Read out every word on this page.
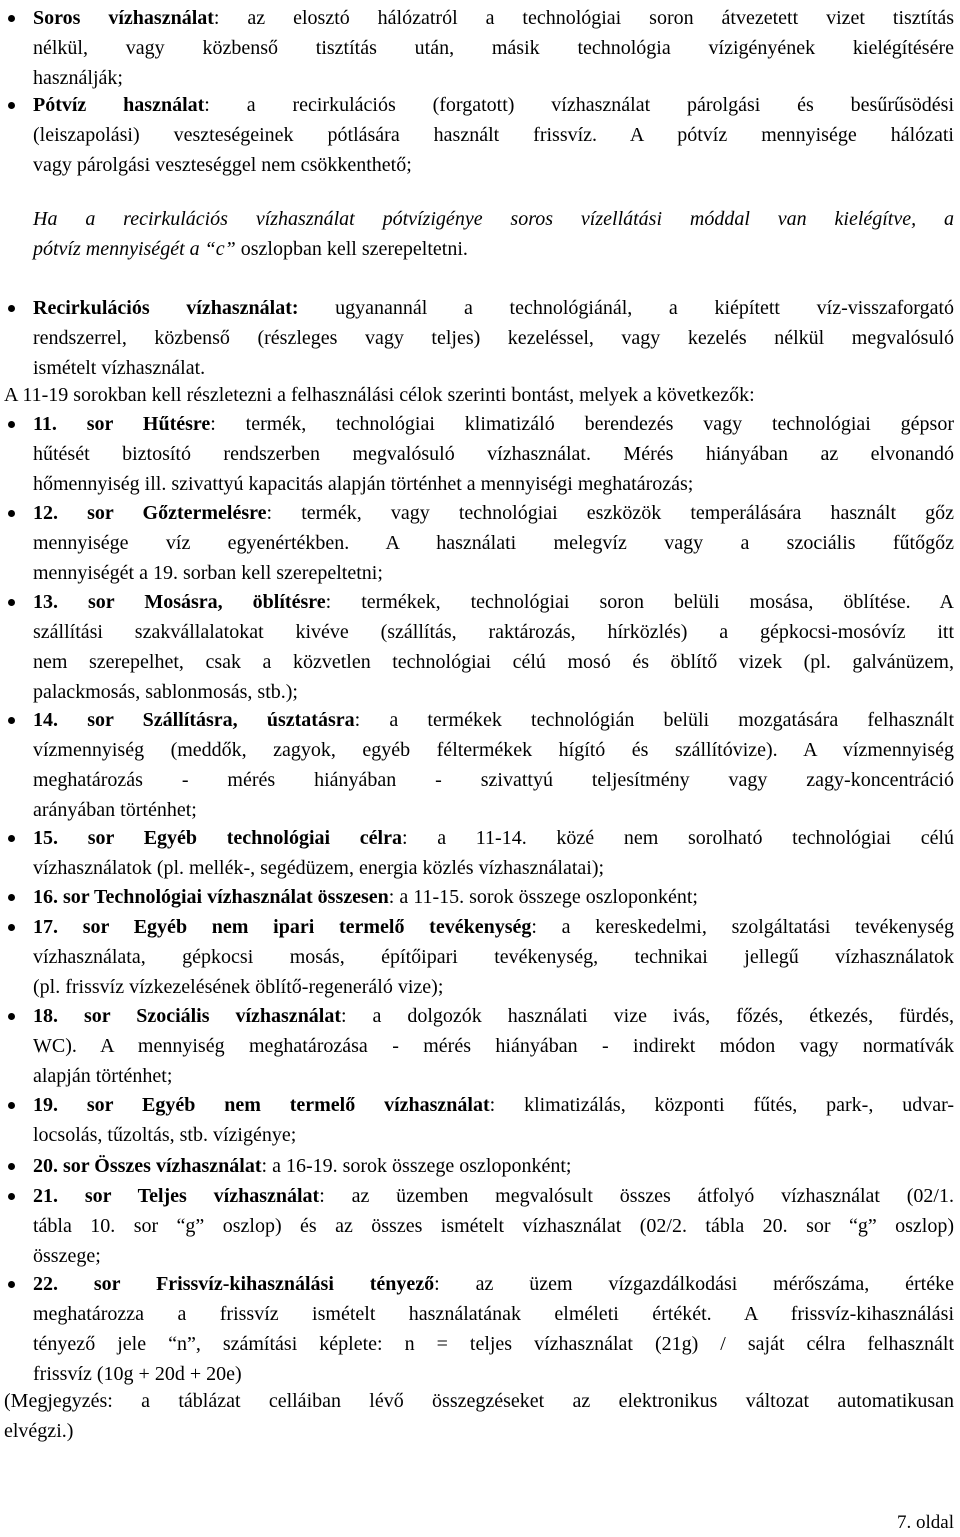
7. oldal
Soros vízhasználat: az elosztó hálózatról a technológiai soron átvezetett vizet tisztítás
nélkül, vagy közbenső tisztítás után, másik technológia vízigényének kielégítésére
használják;
Pótvíz használat: a recirkulációs (forgatott) vízhasználat párolgási és besűrűsödési
(leiszapolási) veszteségeinek pótlására használt frissvíz. A pótvíz mennyisége hálózati
vagy párolgási veszteséggel nem csökkenthető;
Ha a recirkulációs vízhasználat pótvízigénye soros vízellátási móddal van kielégítve, a
pótvíz mennyiségét a “c” oszlopban kell szerepeltetni.
Recirkulációs vízhasználat: ugyanannál a technológiánál, a kiépített víz-visszaforgató
rendszerrel, közbenső (részleges vagy teljes) kezeléssel, vagy kezelés nélkül megvalósuló
ismételt vízhasználat.
A 11-19 sorokban kell részletezni a felhasználási célok szerinti bontást, melyek a következők:
11. sor Hűtésre: termék, technológiai klimatizáló berendezés vagy technológiai gépsor
hűtését biztosító rendszerben megvalósuló vízhasználat. Mérés hiányában az elvonandó
hőmennyiség ill. szivattyú kapacitás alapján történhet a mennyiségi meghatározás;
12. sor Gőztermelésre: termék, vagy technológiai eszközök temperálására használt gőz
mennyisége víz egyenértékben. A használati melegvíz vagy a szociális fűtőgőz
mennyiségét a 19. sorban kell szerepeltetni;
13. sor Mosásra, öblítésre: termékek, technológiai soron belüli mosása, öblítése. A
szállítási szakvállalatokat kivéve (szállítás, raktározás, hírközlés) a gépkocsi-mosóvíz itt
nem szerepelhet, csak a közvetlen technológiai célú mosó és öblítő vizek (pl. galvánüzem,
palackmosás, sablonmosás, stb.);
14. sor Szállításra, úsztatásra: a termékek technológián belüli mozgatására felhasznált
vízmennyiség (meddők, zagyok, egyéb féltermékek hígító és szállítóvize). A vízmennyiség
meghatározás - mérés hiányában - szivattyú teljesítmény vagy zagy-koncentráció
arányában történhet;
15. sor Egyéb technológiai célra: a 11-14. közé nem sorolható technológiai célú
vízhasználatok (pl. mellék-, segédüzem, energia közlés vízhasználatai);
16. sor Technológiai vízhasználat összesen: a 11-15. sorok összege oszloponként;
17. sor Egyéb nem ipari termelő tevékenység: a kereskedelmi, szolgáltatási tevékenység
vízhasználata, gépkocsi mosás, építőipari tevékenység, technikai jellegű vízhasználatok
(pl. frissvíz vízkezelésének öblítő-regeneráló vize);
18. sor Szociális vízhasználat: a dolgozók használati vize ivás, főzés, étkezés, fürdés,
WC). A mennyiség meghatározása - mérés hiányában - indirekt módon vagy normatívák
alapján történhet;
19. sor Egyéb nem termelő vízhasználat: klimatizálás, központi fűtés, park-, udvar-
locsolás, tűzoltás, stb. vízigénye;
20. sor Összes vízhasználat: a 16-19. sorok összege oszloponként;
21. sor Teljes vízhasználat: az üzemben megvalósult összes átfolyó vízhasználat (02/1.
tábla 10. sor “g” oszlop) és az összes ismételt vízhasználat (02/2. tábla 20. sor “g” oszlop)
összege;
22. sor Frissvíz-kihasználási tényező: az üzem vízgazdálkodási mérőszáma, értéke
meghatározza a frissvíz ismételt használatának elméleti értékét. A frissvíz-kihasználási
tényező jele “n”, számítási képlete: n = teljes vízhasználat (21g) / saját célra felhasznált
frissvíz (10g + 20d + 20e)
(Megjegyzés: a táblázat celláiban lévő összegzéseket az elektronikus változat automatikusan
elvégzi.)
